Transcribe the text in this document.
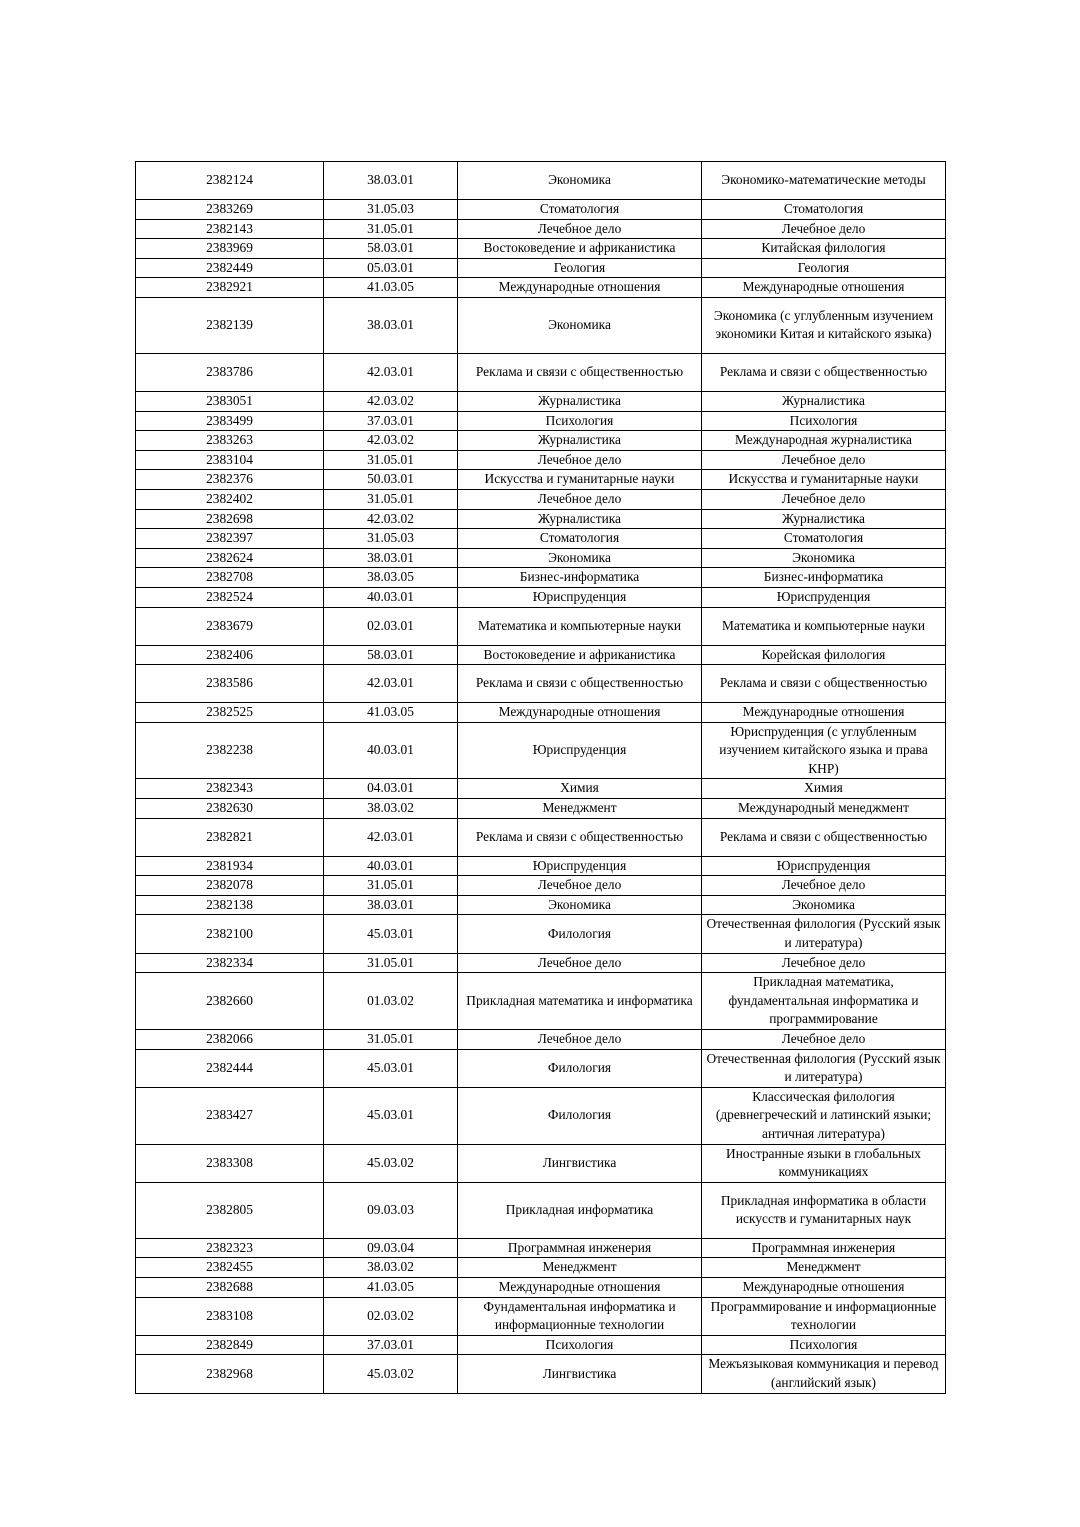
2382124	38.03.01	Экономика	Экономико-математические методы
2383269	31.05.03	Стоматология	Стоматология
2382143	31.05.01	Лечебное дело	Лечебное дело
2383969	58.03.01	Востоковедение и африканистика	Китайская филология
2382449	05.03.01	Геология	Геология
2382921	41.03.05	Международные отношения	Международные отношения
2382139	38.03.01	Экономика	Экономика (с углубленным изучением экономики Китая и китайского языка)
2383786	42.03.01	Реклама и связи с общественностью	Реклама и связи с общественностью
2383051	42.03.02	Журналистика	Журналистика
2383499	37.03.01	Психология	Психология
2383263	42.03.02	Журналистика	Международная журналистика
2383104	31.05.01	Лечебное дело	Лечебное дело
2382376	50.03.01	Искусства и гуманитарные науки	Искусства и гуманитарные науки
2382402	31.05.01	Лечебное дело	Лечебное дело
2382698	42.03.02	Журналистика	Журналистика
2382397	31.05.03	Стоматология	Стоматология
2382624	38.03.01	Экономика	Экономика
2382708	38.03.05	Бизнес-информатика	Бизнес-информатика
2382524	40.03.01	Юриспруденция	Юриспруденция
2383679	02.03.01	Математика и компьютерные науки	Математика и компьютерные науки
2382406	58.03.01	Востоковедение и африканистика	Корейская филология
2383586	42.03.01	Реклама и связи с общественностью	Реклама и связи с общественностью
2382525	41.03.05	Международные отношения	Международные отношения
2382238	40.03.01	Юриспруденция	Юриспруденция (с углубленным изучением китайского языка и права КНР)
2382343	04.03.01	Химия	Химия
2382630	38.03.02	Менеджмент	Международный менеджмент
2382821	42.03.01	Реклама и связи с общественностью	Реклама и связи с общественностью
2381934	40.03.01	Юриспруденция	Юриспруденция
2382078	31.05.01	Лечебное дело	Лечебное дело
2382138	38.03.01	Экономика	Экономика
2382100	45.03.01	Филология	Отечественная филология (Русский язык и литература)
2382334	31.05.01	Лечебное дело	Лечебное дело
2382660	01.03.02	Прикладная математика и информатика	Прикладная математика, фундаментальная информатика и программирование
2382066	31.05.01	Лечебное дело	Лечебное дело
2382444	45.03.01	Филология	Отечественная филология (Русский язык и литература)
2383427	45.03.01	Филология	Классическая филология (древнегреческий и латинский языки; античная литература)
2383308	45.03.02	Лингвистика	Иностранные языки в глобальных коммуникациях
2382805	09.03.03	Прикладная информатика	Прикладная информатика в области искусств и гуманитарных наук
2382323	09.03.04	Программная инженерия	Программная инженерия
2382455	38.03.02	Менеджмент	Менеджмент
2382688	41.03.05	Международные отношения	Международные отношения
2383108	02.03.02	Фундаментальная информатика и информационные технологии	Программирование и информационные технологии
2382849	37.03.01	Психология	Психология
2382968	45.03.02	Лингвистика	Межъязыковая коммуникация и перевод (английский язык)
